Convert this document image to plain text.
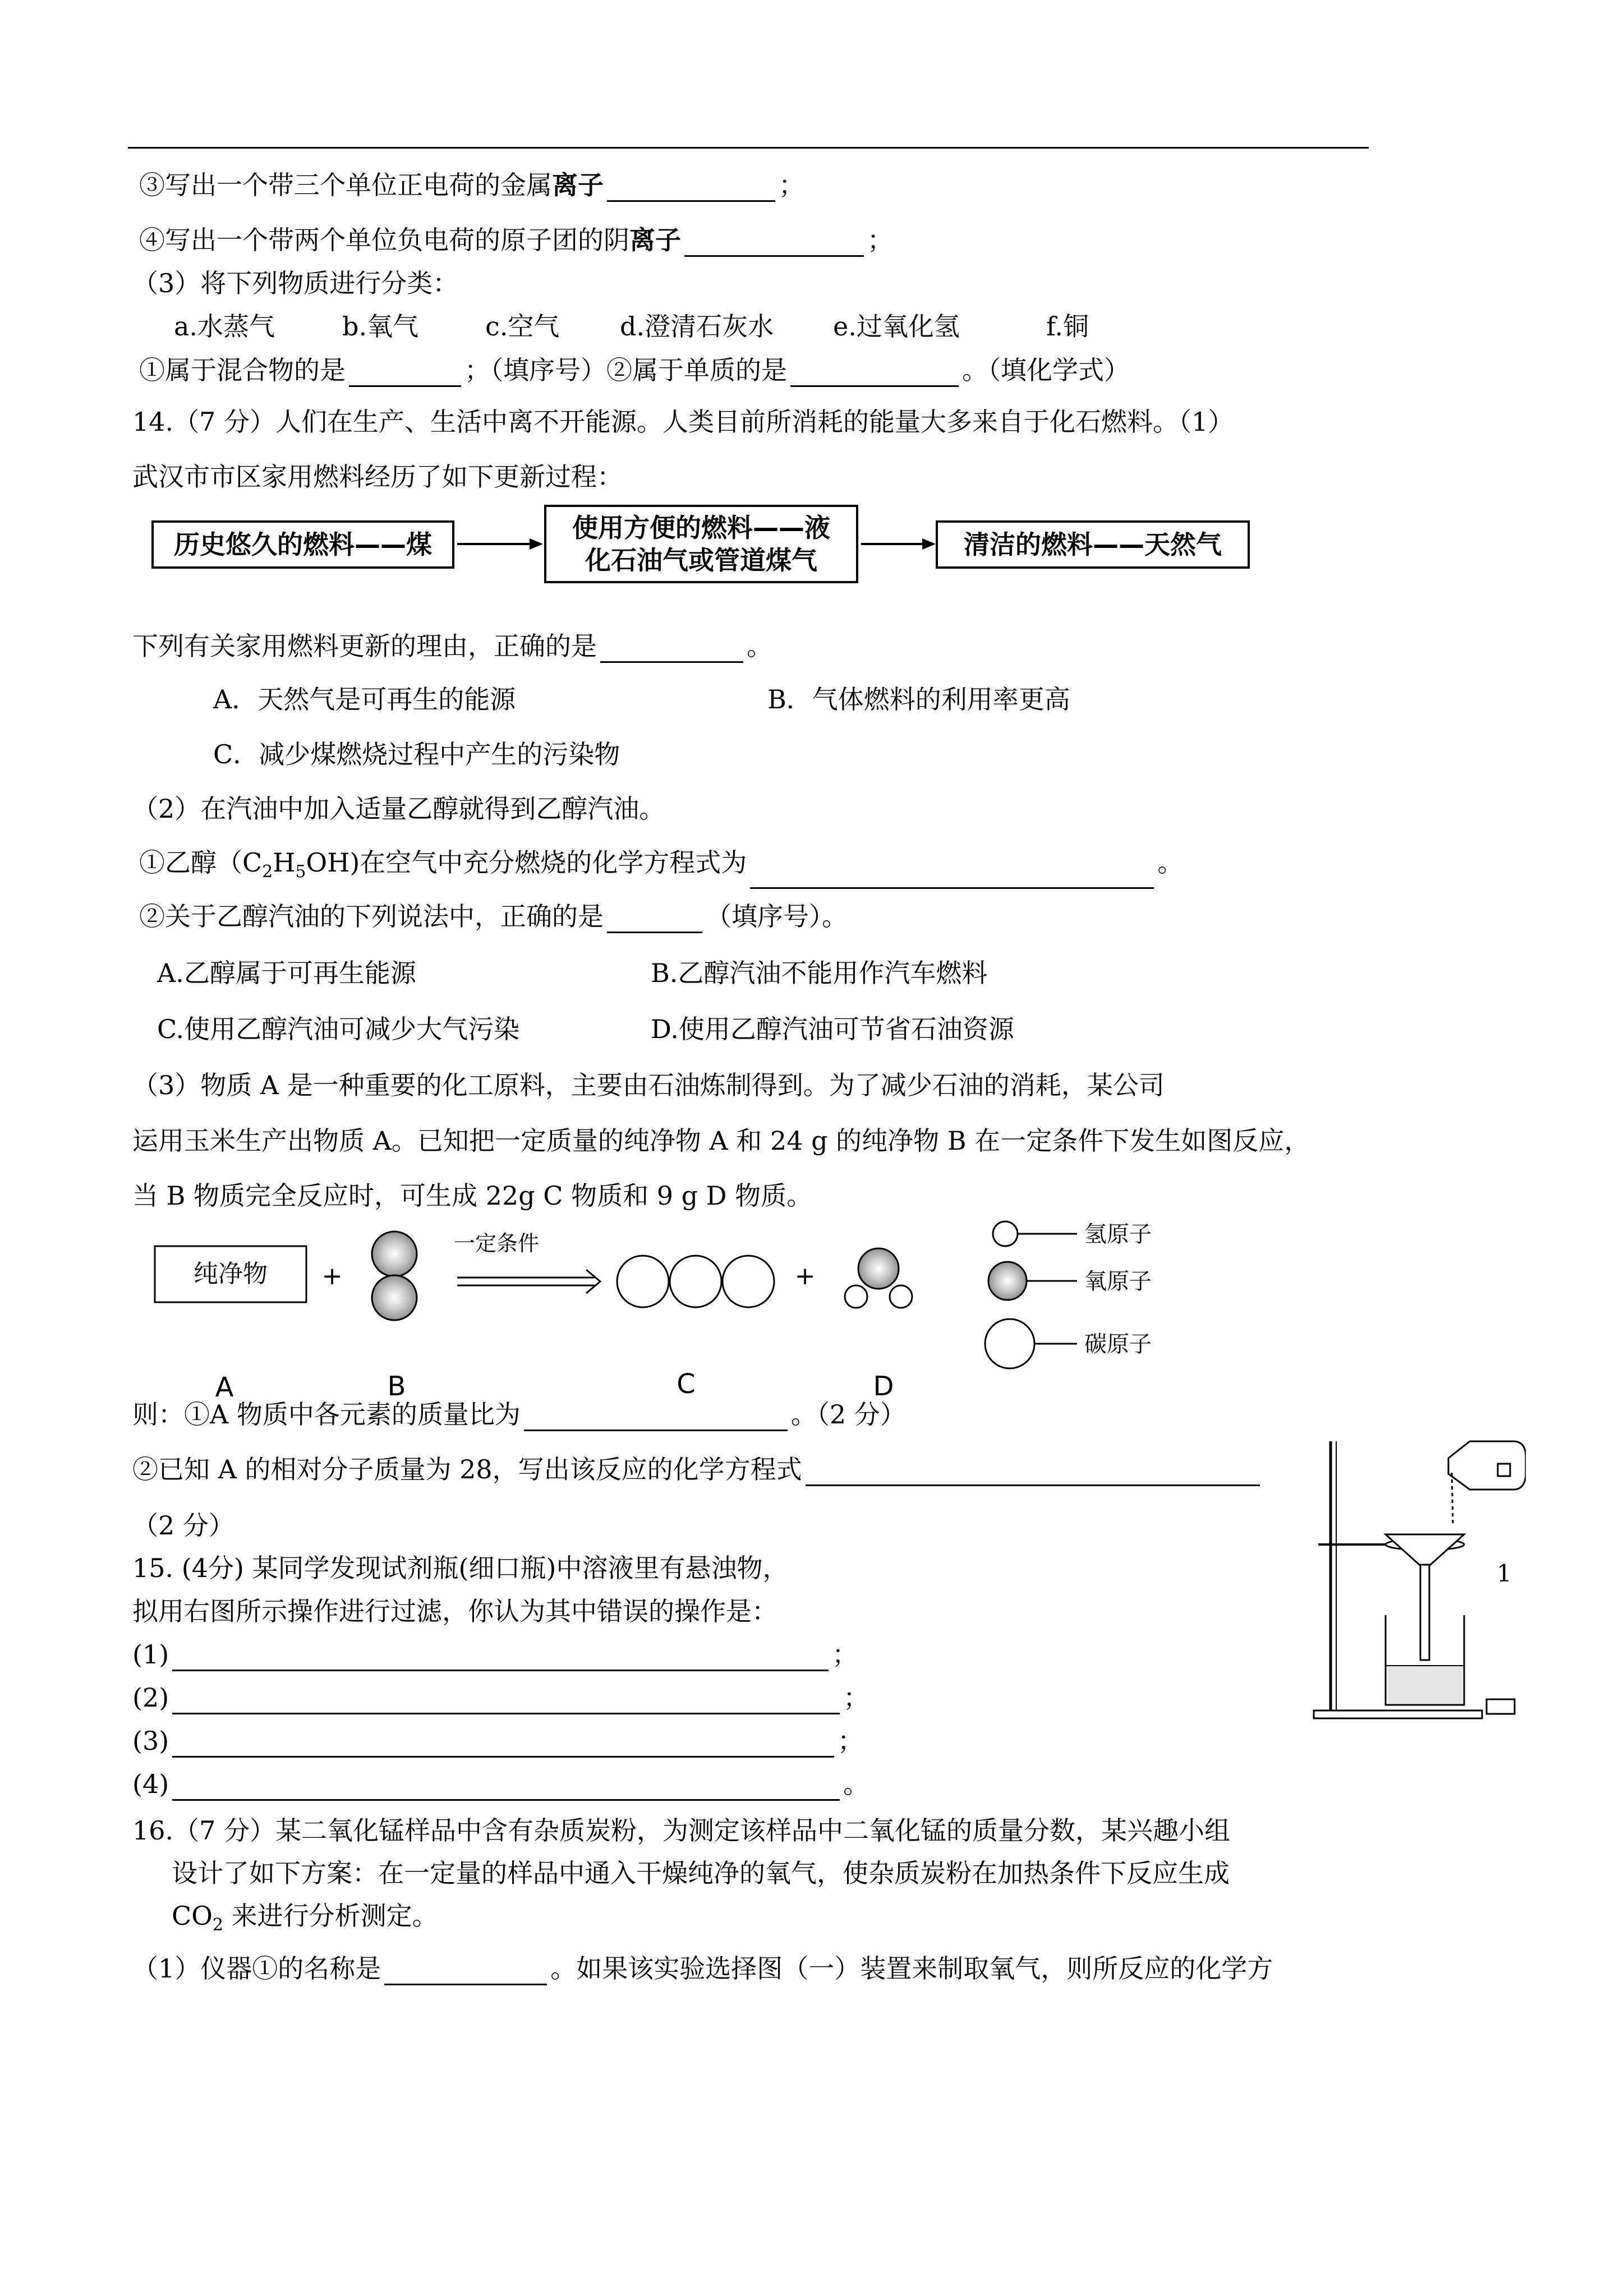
③写出一个带三个单位正电荷的金属离子	；
④写出一个带两个单位负电荷的原子团的阴离子	；
（3）将下列物质进行分类：
a.水蒸气	b.氧气	c.空气 d.澄清石灰水 e.过氧化氢	f.铜
①属于混合物的是	；（填序号）②属于单质的是	。（填化学式）
14.（7 分）人们在生产、生活中离不开能源。人类目前所消耗的能量大多来自于化石燃料。（1）
武汉市市区家用燃料经历了如下更新过程：
历史悠久的燃料——煤
使用方便的燃料——液
化石油气或管道煤气
清洁的燃料——天然气
下列有关家用燃料更新的理由，正确的是	。
A．天然气是可再生的能源	B．气体燃料的利用率更高
C．减少煤燃烧过程中产生的污染物
（2）在汽油中加入适量乙醇就得到乙醇汽油。
①乙醇$(C_2H_5OH)$在空气中充分燃烧的化学方程式为	。
②关于乙醇汽油的下列说法中，正确的是	（填序号）。
A.乙醇属于可再生能源	B.乙醇汽油不能用作汽车燃料
C.使用乙醇汽油可减少大气污染	D.使用乙醇汽油可节省石油资源
（3）物质 A 是一种重要的化工原料，主要由石油炼制得到。为了减少石油的消耗，某公司
运用玉米生产出物质 A。已知把一定质量的纯净物 A 和 24 g 的纯净物 B 在一定条件下发生如图反应，
当 B 物质完全反应时，可生成 22g C 物质和 9 g D 物质。
纯净物 +
一定条件
+
氢原子
氧原子
碳原子
A	B	C	D
则：①A 物质中各元素的质量比为	。（2 分）
②已知 A 的相对分子质量为 28，写出该反应的化学方程式
（2 分）
15. (4分) 某同学发现试剂瓶(细口瓶)中溶液里有悬浊物，
拟用右图所示操作进行过滤，你认为其中错误的操作是：
(1)	；
(2)	；
(3)	；
(4)	。
16.（7 分）某二氧化锰样品中含有杂质炭粉，为测定该样品中二氧化锰的质量分数，某兴趣小组
设计了如下方案：在一定量的样品中通入干燥纯净的氧气，使杂质炭粉在加热条件下反应生成
$CO_2$ 来进行分析测定。
（1）仪器①的名称是	。如果该实验选择图（一）装置来制取氧气，则所反应的化学方
1
